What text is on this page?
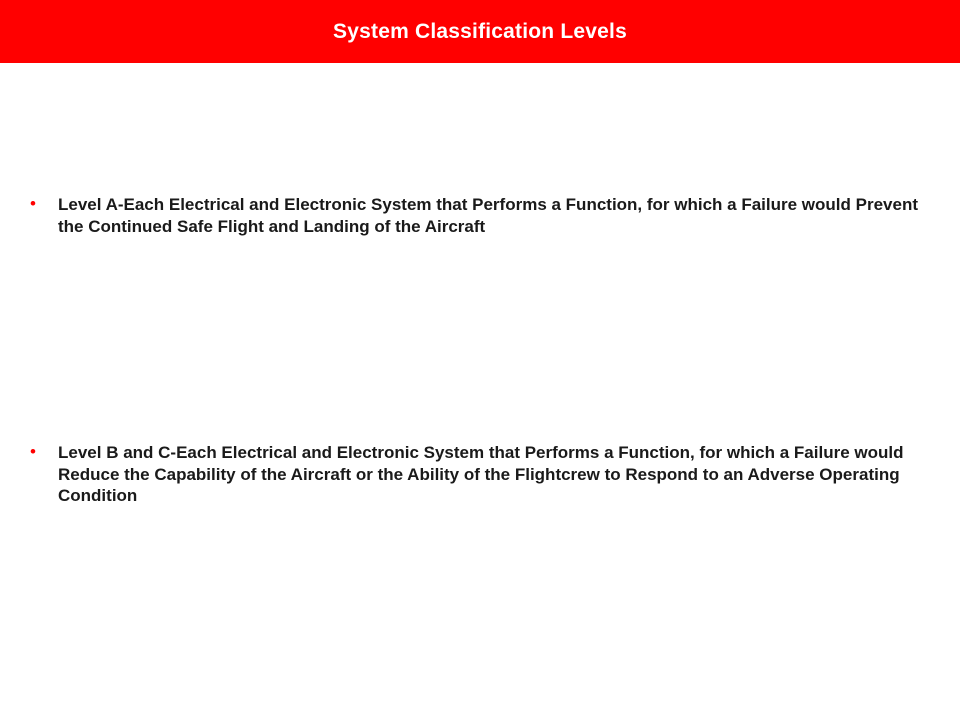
System Classification Levels
•	Level A-Each Electrical and Electronic System that Performs a Function, for which a Failure would Prevent the Continued Safe Flight and Landing of the Aircraft
•	Level B and C-Each Electrical and Electronic System that Performs a Function, for which a Failure would Reduce the Capability of the Aircraft or the Ability of the Flightcrew to Respond to an Adverse Operating Condition
